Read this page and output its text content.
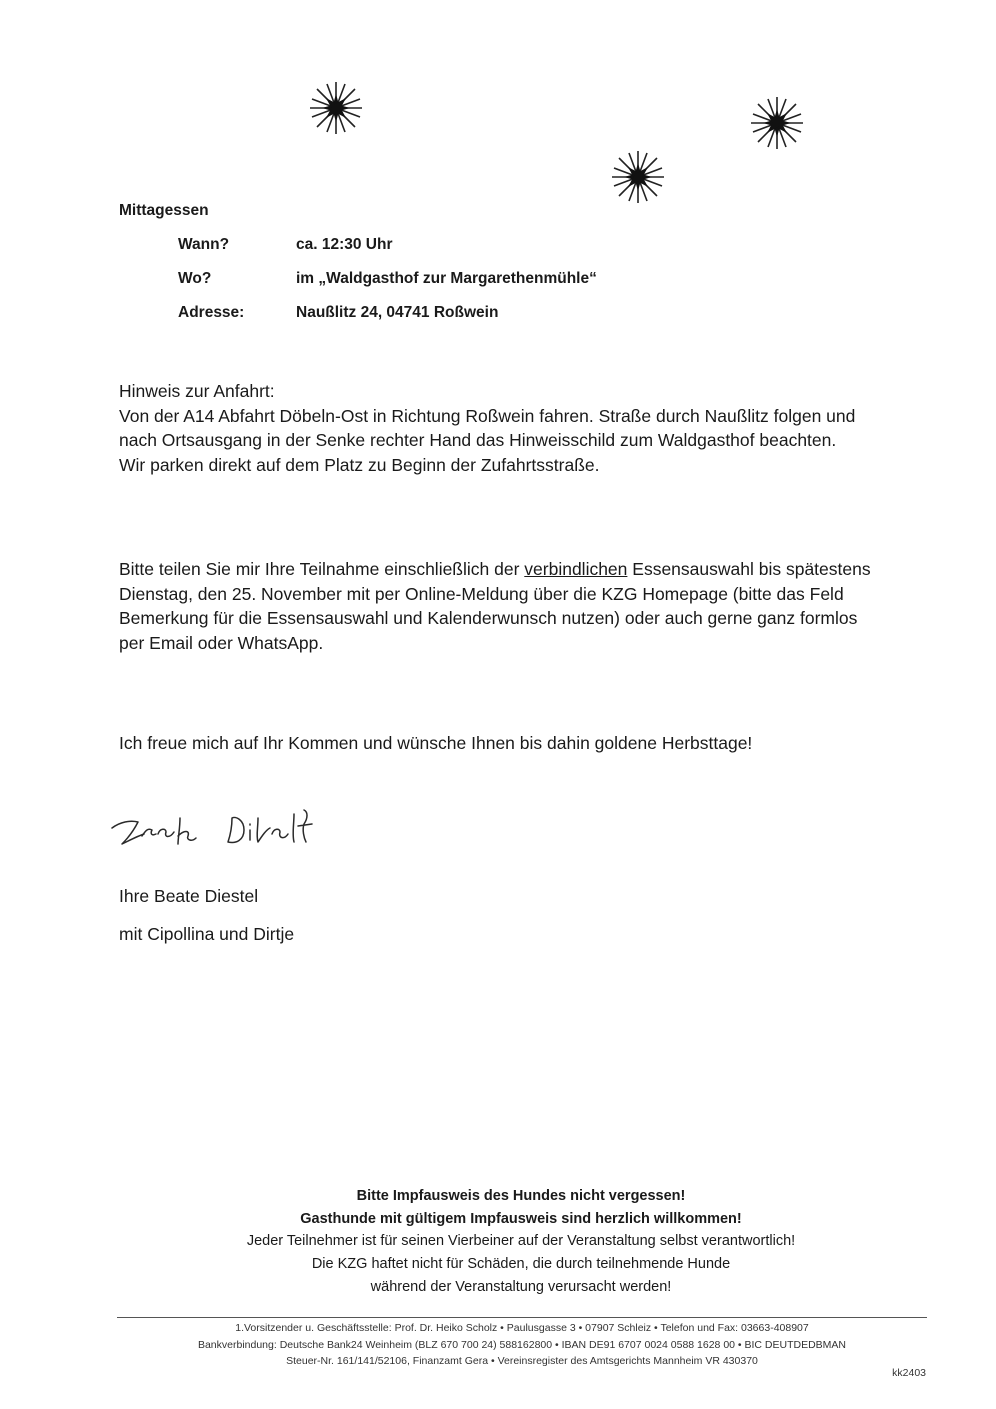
Mittagessen
Wann?	ca. 12:30 Uhr
Wo?	im „Waldgasthof zur Margarethenmühle“
Adresse:	Naußlitz 24, 04741 Roßwein

Hinweis zur Anfahrt:

Von der A14 Abfahrt Döbeln-Ost in Richtung Roßwein fahren. Straße durch Naußlitz folgen und

nach Ortsausgang in der Senke rechter Hand das Hinweisschild zum Waldgasthof beachten.

Wir parken direkt auf dem Platz zu Beginn der Zufahrtsstraße.

Bitte teilen Sie mir Ihre Teilnahme einschließlich der verbindlichen Essensauswahl bis spätestens

Dienstag, den 25. November mit per Online-Meldung über die KZG Homepage (bitte das Feld

Bemerkung für die Essensauswahl und Kalenderwunsch nutzen) oder auch gerne ganz formlos

per Email oder WhatsApp.

Ich freue mich auf Ihr Kommen und wünsche Ihnen bis dahin goldene Herbsttage!
Ihre Beate Diestel
mit Cipollina und Dirtje
Bitte Impfausweis des Hundes nicht vergessen!
Gasthunde mit gültigem Impfausweis sind herzlich willkommen!
Jeder Teilnehmer ist für seinen Vierbeiner auf der Veranstaltung selbst verantwortlich!
Die KZG haftet nicht für Schäden, die durch teilnehmende Hunde
während der Veranstaltung verursacht werden!
1.Vorsitzender u. Geschäftsstelle: Prof. Dr. Heiko Scholz • Paulusgasse 3 • 07907 Schleiz • Telefon und Fax: 03663-408907
Bankverbindung: Deutsche Bank24 Weinheim (BLZ 670 700 24) 588162800 • IBAN DE91 6707 0024 0588 1628 00 • BIC DEUTDEDBMAN
Steuer-Nr. 161/141/52106, Finanzamt Gera • Vereinsregister des Amtsgerichts Mannheim VR 430370
kk2403
